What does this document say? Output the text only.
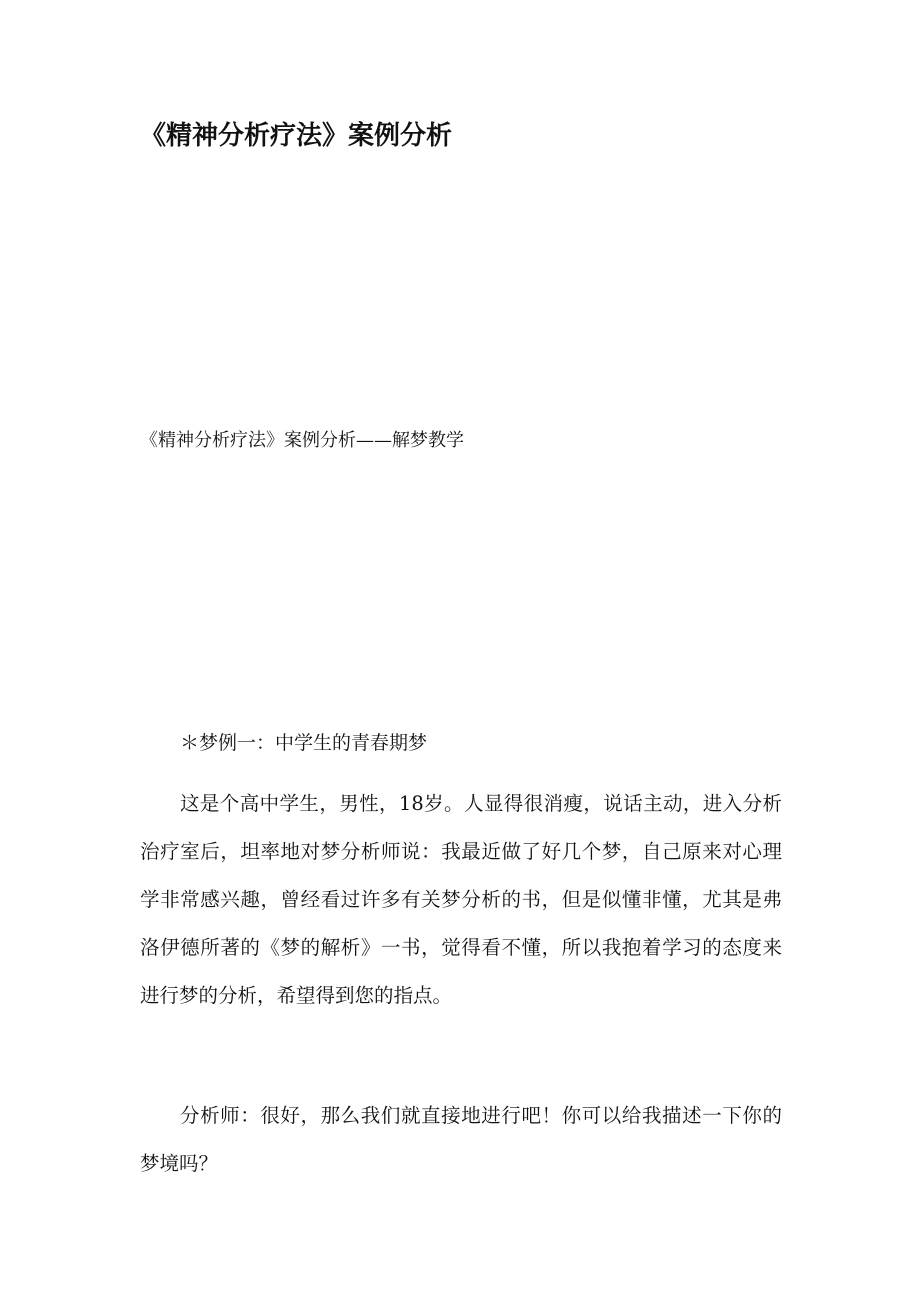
《精神分析疗法》案例分析

《精神分析疗法》案例分析——解梦教学

＊梦例一：中学生的青春期梦

这是个高中学生，男性，18岁。人显得很消瘦，说话主动，进入分析治疗室后，坦率地对梦分析师说：我最近做了好几个梦，自己原来对心理学非常感兴趣，曾经看过许多有关梦分析的书，但是似懂非懂，尤其是弗洛伊德所著的《梦的解析》一书，觉得看不懂，所以我抱着学习的态度来进行梦的分析，希望得到您的指点。

分析师：很好，那么我们就直接地进行吧！你可以给我描述一下你的梦境吗？
